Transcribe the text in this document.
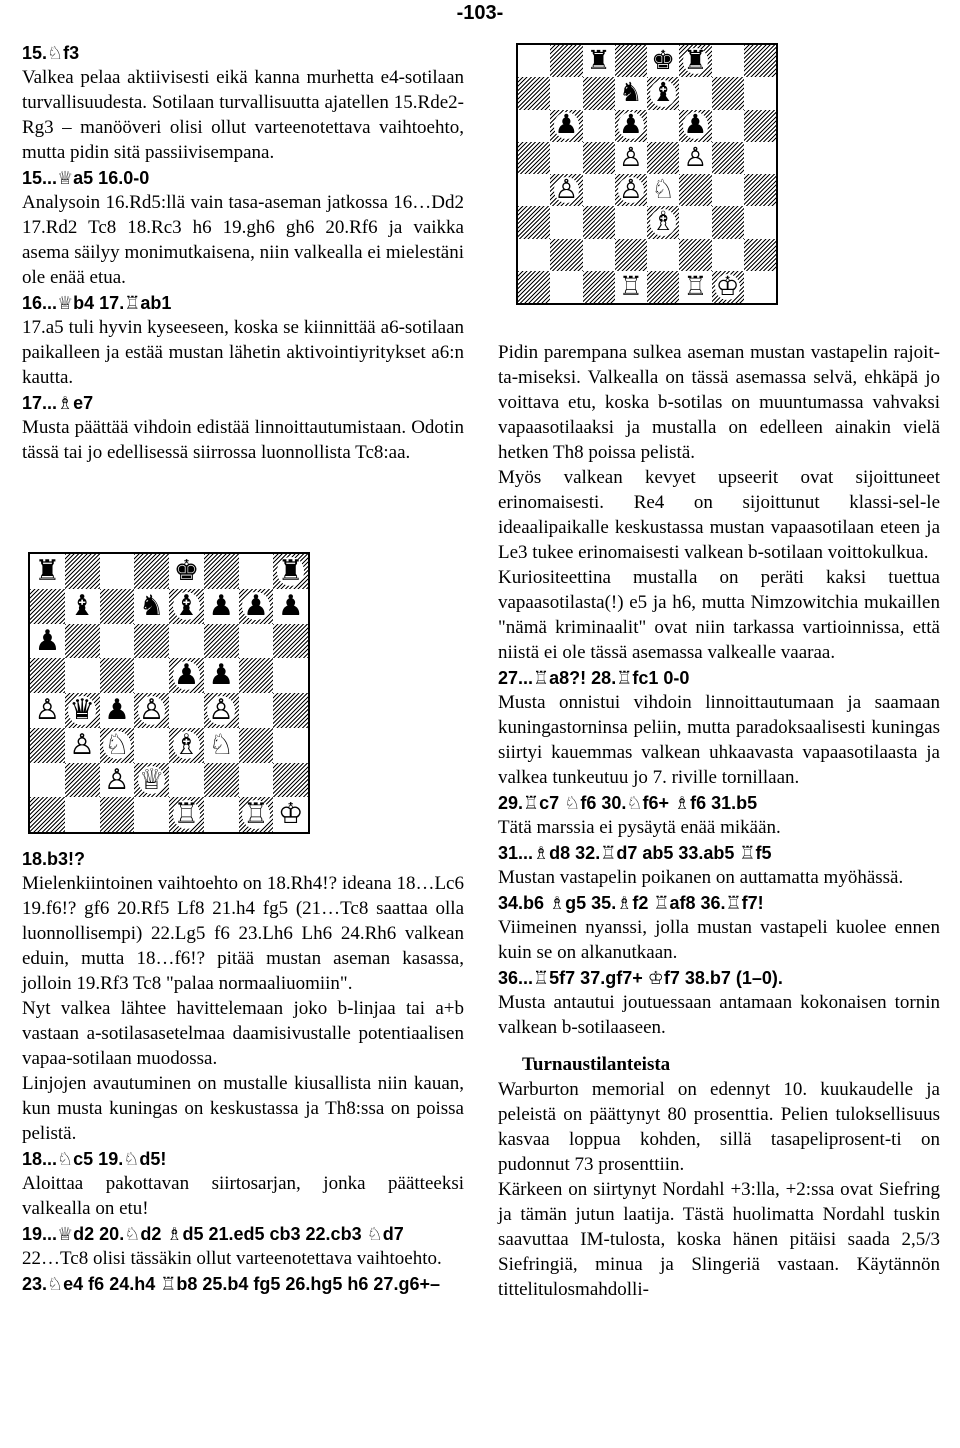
-103-
♜ ♚ ♜
♞ ♝
♟ ♟ ♟
♙ ♙
♙ ♙ ♘
♗
♖ ♖ ♔
15.♘f3
Valkea pelaa aktiivisesti eikä kanna murhetta e4-sotilaan turvallisuudesta. Sotilaan turvallisuutta ajatellen 15.Rde2-Rg3 – manööveri olisi ollut varteenotettava vaihtoehto, mutta pidin sitä passiivisempana.
15...♕a5 16.0-0
Analysoin 16.Rd5:llä vain tasa-aseman jatkossa 16…Dd2 17.Rd2 Tc8 18.Rc3 h6 19.gh6 gh6 20.Rf6 ja vaikka asema säilyy monimutkaisena, niin valkealla ei mielestäni ole enää etua.
16...♕b4 17.♖ab1
17.a5 tuli hyvin kyseeseen, koska se kiinnittää a6-sotilaan paikalleen ja estää mustan lähetin aktivointiyritykset a6:n kautta.
17...♗e7
Musta päättää vihdoin edistää linnoittautumistaan. Odotin tässä tai jo edellisessä siirrossa luonnollista Tc8:aa.
♜	♚	♜
♝ ♞ ♝ ♟ ♟ ♟
♟
♟ ♟
♙ ♛ ♟ ♙ ♙
♙ ♘ ♗ ♘
♙ ♕
♖ ♖ ♔
18.b3!?
Mielenkiintoinen vaihtoehto on 18.Rh4!? ideana 18…Lc6 19.f6!? gf6 20.Rf5 Lf8 21.h4 fg5 (21…Tc8 saattaa olla luonnollisempi) 22.Lg5 f6 23.Lh6 Lh6 24.Rh6 valkean eduin, mutta 18…f6!? pitää mustan aseman kasassa, jolloin 19.Rf3 Tc8 "palaa normaaliuomiin".
Nyt valkea lähtee havittelemaan joko b-linjaa tai a+b vastaan a-sotilasasetelmaa daamisivustalle potentiaalisen vapaa-sotilaan muodossa.
Linjojen avautuminen on mustalle kiusallista niin kauan, kun musta kuningas on keskustassa ja Th8:ssa on poissa pelistä.
18...♘c5 19.♘d5!
Aloittaa pakottavan siirtosarjan, jonka päätteeksi valkealla on etu!
19...♕d2 20.♘d2 ♗d5 21.ed5 cb3 22.cb3 ♘d7
22…Tc8 olisi tässäkin ollut varteenotettava vaihtoehto.
23.♘e4 f6 24.h4 ♖b8 25.b4 fg5 26.hg5 h6 27.g6+–
Pidin parempana sulkea aseman mustan vastapelin rajoit-ta-miseksi. Valkealla on tässä asemassa selvä, ehkäpä jo voittava etu, koska b-sotilas on muuntumassa vahvaksi vapaasotilaaksi ja mustalla on edelleen ainakin vielä hetken Th8 poissa pelistä.
Myös valkean kevyet upseerit ovat sijoittuneet erinomaisesti. Re4 on sijoittunut klassi-sel-le ideaalipaikalle keskustassa mustan vapaasotilaan eteen ja Le3 tukee erinomaisesti valkean b-sotilaan voittokulkua.
Kuriositeettina mustalla on peräti kaksi tuettua vapaasotilasta(!) e5 ja h6, mutta Nimzowitchia mukaillen "nämä kriminaalit" ovat niin tarkassa vartioinnissa, että niistä ei ole tässä asemassa valkealle vaaraa.
27...♖a8?! 28.♖fc1 0-0
Musta onnistui vihdoin linnoittautumaan ja saamaan kuningastorninsa peliin, mutta paradoksaalisesti kuningas siirtyi kauemmas valkean uhkaavasta vapaasotilaasta ja valkea tunkeutuu jo 7. riville tornillaan.
29.♖c7 ♘f6 30.♘f6+ ♗f6 31.b5
Tätä marssia ei pysäytä enää mikään.
31...♗d8 32.♖d7 ab5 33.ab5 ♖f5
Mustan vastapelin poikanen on auttamatta myöhässä.
34.b6 ♗g5 35.♗f2 ♖af8 36.♖f7!
Viimeinen nyanssi, jolla mustan vastapeli kuolee ennen kuin se on alkanutkaan.
36...♖5f7 37.gf7+ ♔f7 38.b7 (1–0).
Musta antautui joutuessaan antamaan kokonaisen tornin valkean b-sotilaaseen.
Turnaustilanteista
Warburton memorial on edennyt 10. kuukaudelle ja peleistä on päättynyt 80 prosenttia. Pelien tuloksellisuus kasvaa loppua kohden, sillä tasapeliprosent-ti on pudonnut 73 prosenttiin.
Kärkeen on siirtynyt Nordahl +3:lla, +2:ssa ovat Siefring ja tämän jutun laatija. Tästä huolimatta Nordahl tuskin saavuttaa IM-tulosta, koska hänen pitäisi saada 2,5/3 Siefringiä, minua ja Slingeriä vastaan. Käytännön tittelitulosmahdolli-
